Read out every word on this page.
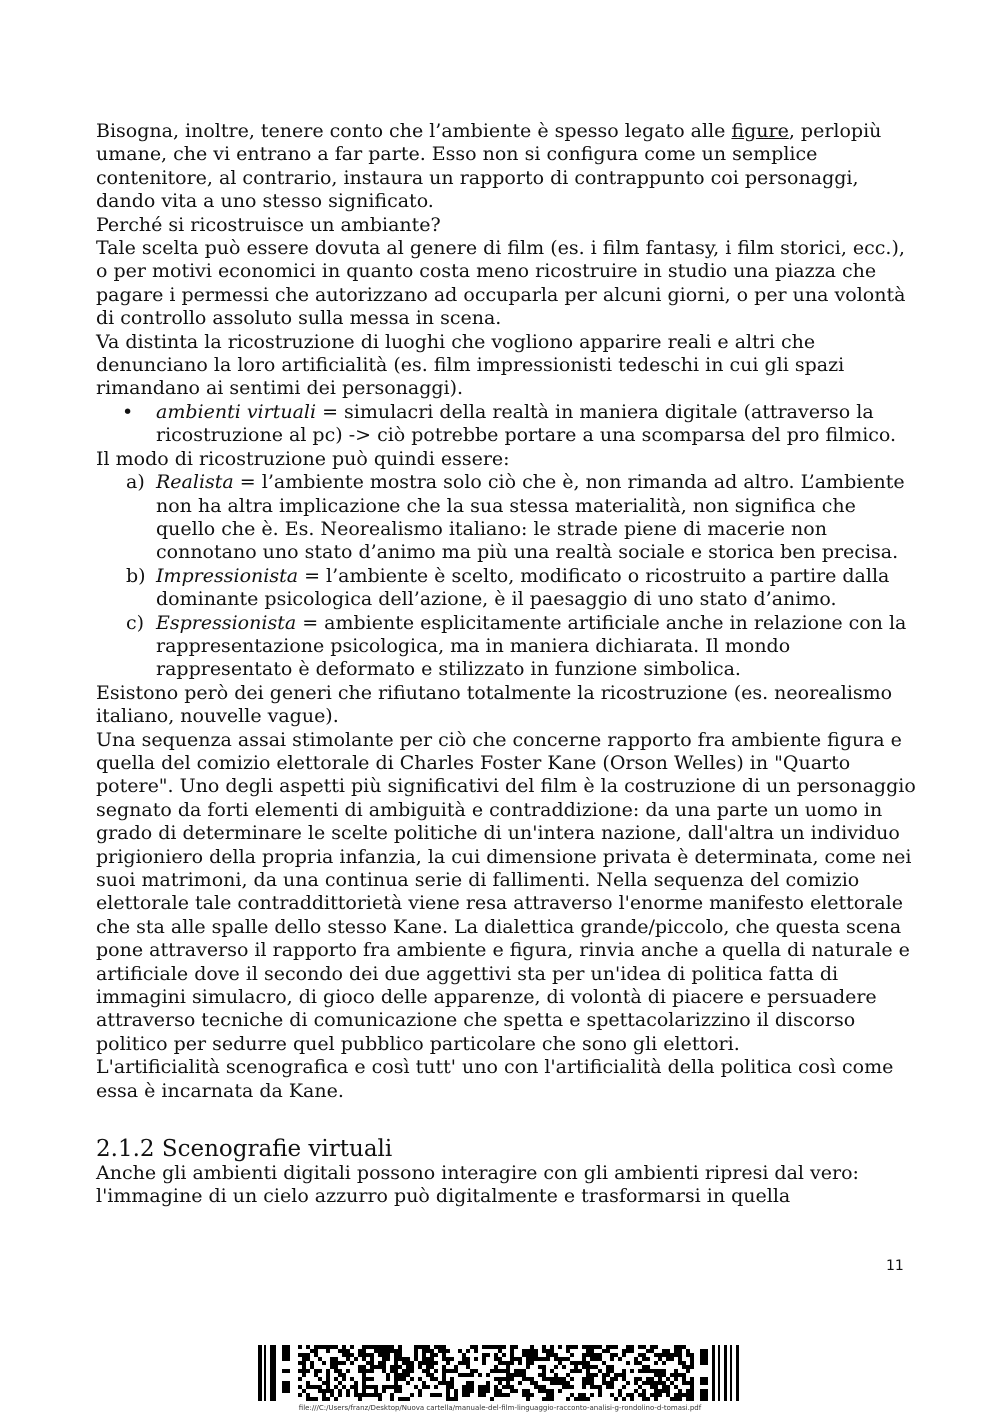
Bisogna, inoltre, tenere conto che l’ambiente è spesso legato alle figure, perlopiù umane, che vi entrano a far parte. Esso non si configura come un semplice contenitore, al contrario, instaura un rapporto di contrappunto coi personaggi, dando vita a uno stesso significato.

Perché si ricostruisce un ambiante?

Tale scelta può essere dovuta al genere di film (es. i film fantasy, i film storici, ecc.), o per motivi economici in quanto costa meno ricostruire in studio una piazza che pagare i permessi che autorizzano ad occuparla per alcuni giorni, o per una volontà di controllo assoluto sulla messa in scena.

Va distinta la ricostruzione di luoghi che vogliono apparire reali e altri che denunciano la loro artificialità (es. film impressionisti tedeschi in cui gli spazi rimandano ai sentimi dei personaggi).

• ambienti virtuali = simulacri della realtà in maniera digitale (attraverso la ricostruzione al pc) -> ciò potrebbe portare a una scomparsa del pro filmico.

Il modo di ricostruzione può quindi essere:

a) Realista = l’ambiente mostra solo ciò che è, non rimanda ad altro. L’ambiente non ha altra implicazione che la sua stessa materialità, non significa che quello che è. Es. Neorealismo italiano: le strade piene di macerie non connotano uno stato d’animo ma più una realtà sociale e storica ben precisa.
b) Impressionista = l’ambiente è scelto, modificato o ricostruito a partire dalla dominante psicologica dell’azione, è il paesaggio di uno stato d’animo.
c) Espressionista = ambiente esplicitamente artificiale anche in relazione con la rappresentazione psicologica, ma in maniera dichiarata. Il mondo rappresentato è deformato e stilizzato in funzione simbolica.

Esistono però dei generi che rifiutano totalmente la ricostruzione (es. neorealismo italiano, nouvelle vague).

Una sequenza assai stimolante per ciò che concerne rapporto fra ambiente figura e quella del comizio elettorale di Charles Foster Kane (Orson Welles) in "Quarto potere". Uno degli aspetti più significativi del film è la costruzione di un personaggio segnato da forti elementi di ambiguità e contraddizione: da una parte un uomo in grado di determinare le scelte politiche di un'intera nazione, dall'altra un individuo prigioniero della propria infanzia, la cui dimensione privata è determinata, come nei suoi matrimoni, da una continua serie di fallimenti. Nella sequenza del comizio elettorale tale contraddittorietà viene resa attraverso l'enorme manifesto elettorale che sta alle spalle dello stesso Kane. La dialettica grande/piccolo, che questa scena pone attraverso il rapporto fra ambiente e figura, rinvia anche a quella di naturale e artificiale dove il secondo dei due aggettivi sta per un'idea di politica fatta di immagini simulacro, di gioco delle apparenze, di volontà di piacere e persuadere attraverso tecniche di comunicazione che spetta e spettacolarizzino il discorso politico per sedurre quel pubblico particolare che sono gli elettori.

L'artificialità scenografica e così tutt' uno con l'artificialità della politica così come essa è incarnata da Kane.

2.1.2 Scenografie virtuali

Anche gli ambienti digitali possono interagire con gli ambienti ripresi dal vero: l'immagine di un cielo azzurro può digitalmente e trasformarsi in quella

11
file:///C:/Users/franz/Desktop/Nuova cartella/manuale-del-film-linguaggio-racconto-analisi-g-rondolino-d-tomasi.pdf
